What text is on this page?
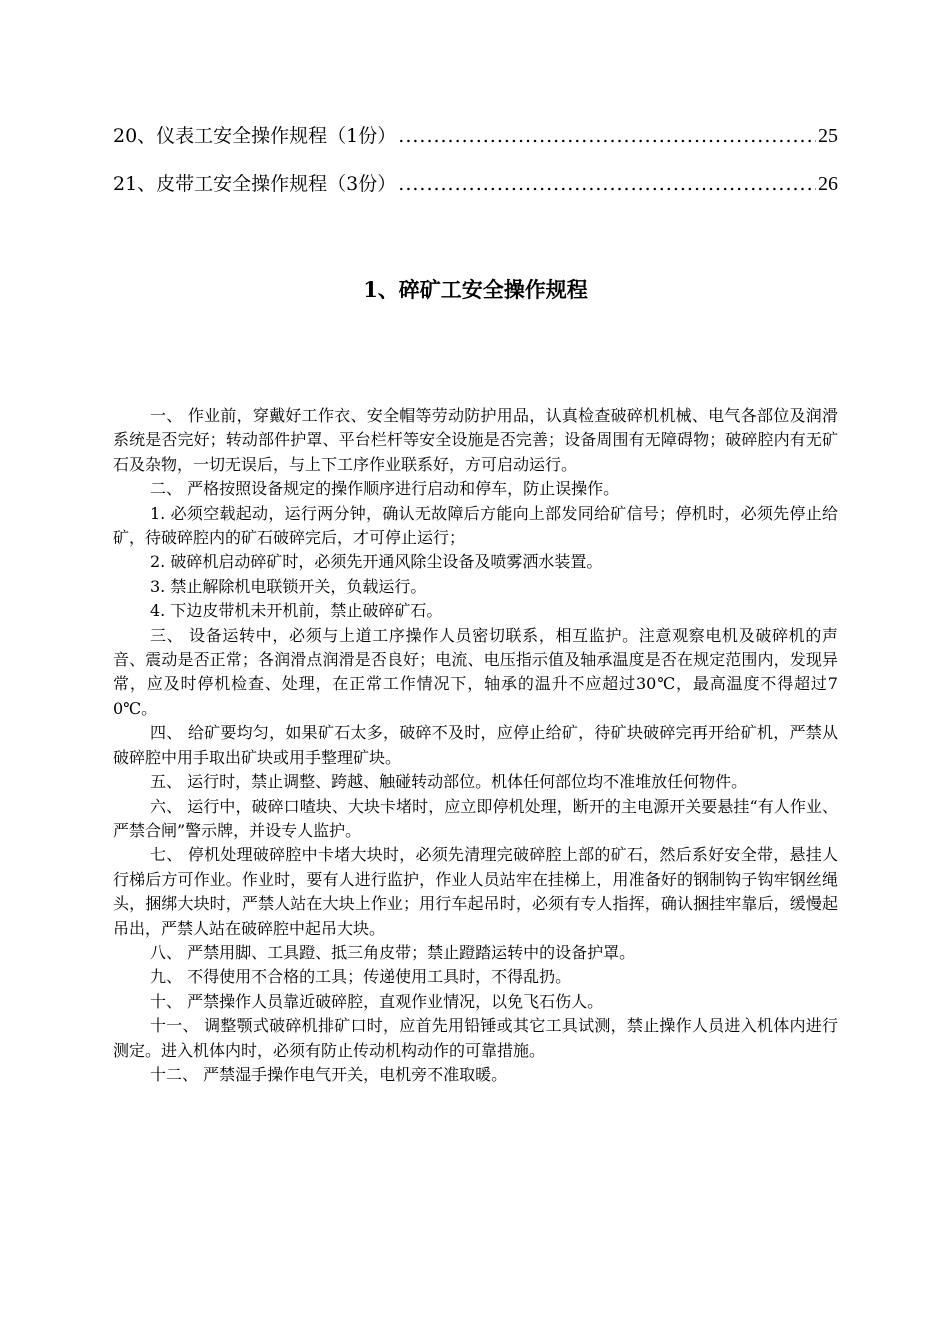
20、仪表工安全操作规程（1份） .....	25
21、皮带工安全操作规程（3份） .....	26
1、碎矿工安全操作规程

一、 作业前，穿戴好工作衣、安全帽等劳动防护用品，认真检查破碎机机械、电气各部位及润滑系统是否完好；转动部件护罩、平台栏杆等安全设施是否完善；设备周围有无障碍物；破碎腔内有无矿石及杂物，一切无误后，与上下工序作业联系好，方可启动运行。

二、 严格按照设备规定的操作顺序进行启动和停车，防止误操作。

1. 必须空载起动，运行两分钟，确认无故障后方能向上部发同给矿信号；停机时，必须先停止给矿，待破碎腔内的矿石破碎完后，才可停止运行；

2. 破碎机启动碎矿时，必须先开通风除尘设备及喷雾洒水装置。

3. 禁止解除机电联锁开关，负载运行。

4. 下边皮带机未开机前，禁止破碎矿石。

三、 设备运转中，必须与上道工序操作人员密切联系，相互监护。注意观察电机及破碎机的声音、震动是否正常；各润滑点润滑是否良好；电流、电压指示值及轴承温度是否在规定范围内，发现异常，应及时停机检查、处理，在正常工作情况下，轴承的温升不应超过30℃，最高温度不得超过70℃。

四、 给矿要均匀，如果矿石太多，破碎不及时，应停止给矿，待矿块破碎完再开给矿机，严禁从破碎腔中用手取出矿块或用手整理矿块。

五、 运行时，禁止调整、跨越、触碰转动部位。机体任何部位均不准堆放任何物件。

六、 运行中，破碎口喳块、大块卡堵时，应立即停机处理，断开的主电源开关要悬挂“有人作业、严禁合闸”警示牌，并设专人监护。

七、 停机处理破碎腔中卡堵大块时，必须先清理完破碎腔上部的矿石，然后系好安全带，悬挂人行梯后方可作业。作业时，要有人进行监护，作业人员站牢在挂梯上，用准备好的钢制钩子钩牢钢丝绳头，捆绑大块时，严禁人站在大块上作业；用行车起吊时，必须有专人指挥，确认捆挂牢靠后，缓慢起吊出，严禁人站在破碎腔中起吊大块。

八、 严禁用脚、工具蹬、抵三角皮带；禁止蹬踏运转中的设备护罩。

九、 不得使用不合格的工具；传递使用工具时，不得乱扔。

十、 严禁操作人员靠近破碎腔，直观作业情况，以免飞石伤人。

十一、 调整颚式破碎机排矿口时，应首先用铅锤或其它工具试测，禁止操作人员进入机体内进行测定。进入机体内时，必须有防止传动机构动作的可靠措施。

十二、 严禁湿手操作电气开关，电机旁不准取暖。
